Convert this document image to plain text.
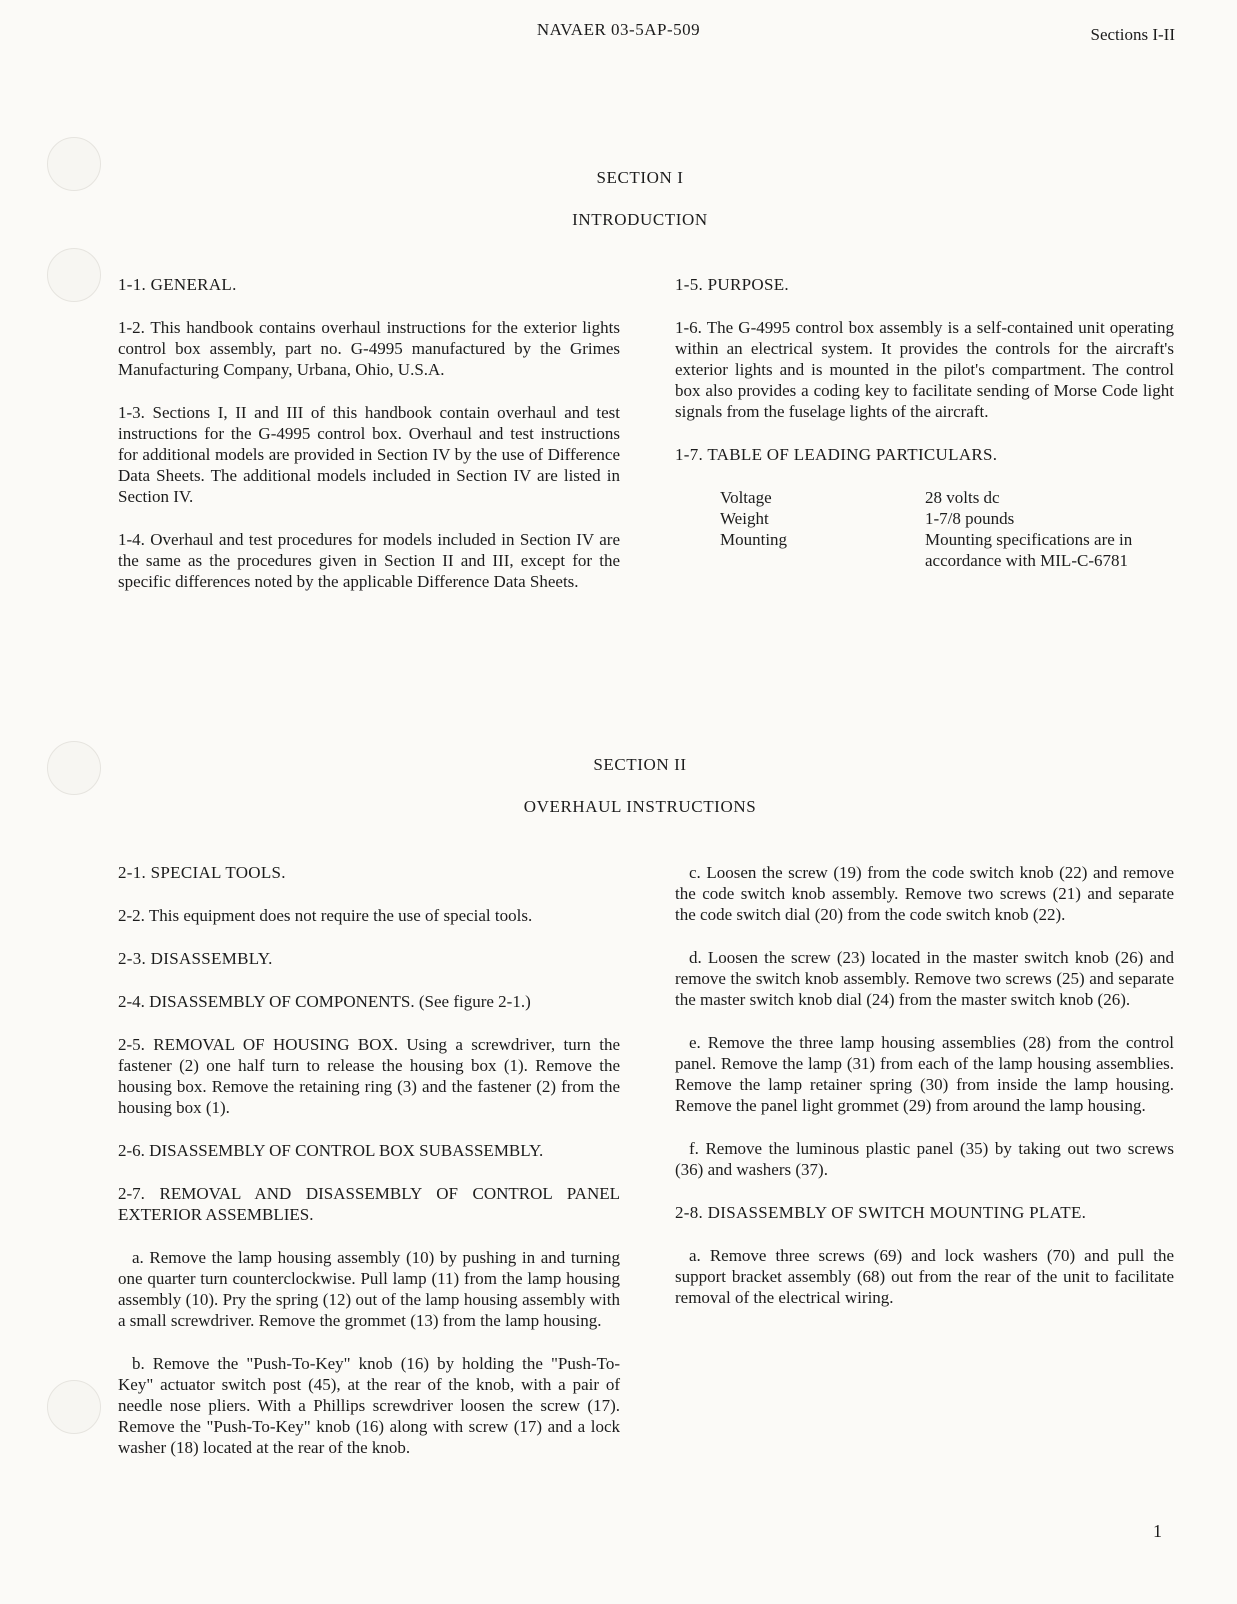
NAVAER 03-5AP-509	Sections I-II
SECTION I
INTRODUCTION

1-1. GENERAL.

1-2. This handbook contains overhaul instructions for the exterior lights control box assembly, part no. G-4995 manufactured by the Grimes Manufacturing Company, Urbana, Ohio, U.S.A.

1-3. Sections I, II and III of this handbook contain overhaul and test instructions for the G-4995 control box. Overhaul and test instructions for additional models are provided in Section IV by the use of Difference Data Sheets. The additional models included in Section IV are listed in Section IV.

1-4. Overhaul and test procedures for models included in Section IV are the same as the procedures given in Section II and III, except for the specific differences noted by the applicable Difference Data Sheets.

1-5. PURPOSE.

1-6. The G-4995 control box assembly is a self-contained unit operating within an electrical system. It provides the controls for the aircraft's exterior lights and is mounted in the pilot's compartment. The control box also provides a coding key to facilitate sending of Morse Code light signals from the fuselage lights of the aircraft.

1-7. TABLE OF LEADING PARTICULARS.

Voltage	28 volts dc
Weight	1-7/8 pounds
Mounting	Mounting specifications are in accordance with MIL-C-6781
SECTION II
OVERHAUL INSTRUCTIONS

2-1. SPECIAL TOOLS.

2-2. This equipment does not require the use of special tools.

2-3. DISASSEMBLY.

2-4. DISASSEMBLY OF COMPONENTS. (See figure 2-1.)

2-5. REMOVAL OF HOUSING BOX. Using a screwdriver, turn the fastener (2) one half turn to release the housing box (1). Remove the housing box. Remove the retaining ring (3) and the fastener (2) from the housing box (1).

2-6. DISASSEMBLY OF CONTROL BOX SUBASSEMBLY.

2-7. REMOVAL AND DISASSEMBLY OF CONTROL PANEL EXTERIOR ASSEMBLIES.

a. Remove the lamp housing assembly (10) by pushing in and turning one quarter turn counterclockwise. Pull lamp (11) from the lamp housing assembly (10). Pry the spring (12) out of the lamp housing assembly with a small screwdriver. Remove the grommet (13) from the lamp housing.

b. Remove the "Push-To-Key" knob (16) by holding the "Push-To-Key" actuator switch post (45), at the rear of the knob, with a pair of needle nose pliers. With a Phillips screwdriver loosen the screw (17). Remove the "Push-To-Key" knob (16) along with screw (17) and a lock washer (18) located at the rear of the knob.

c. Loosen the screw (19) from the code switch knob (22) and remove the code switch knob assembly. Remove two screws (21) and separate the code switch dial (20) from the code switch knob (22).

d. Loosen the screw (23) located in the master switch knob (26) and remove the switch knob assembly. Remove two screws (25) and separate the master switch knob dial (24) from the master switch knob (26).

e. Remove the three lamp housing assemblies (28) from the control panel. Remove the lamp (31) from each of the lamp housing assemblies. Remove the lamp retainer spring (30) from inside the lamp housing. Remove the panel light grommet (29) from around the lamp housing.

f. Remove the luminous plastic panel (35) by taking out two screws (36) and washers (37).

2-8. DISASSEMBLY OF SWITCH MOUNTING PLATE.

a. Remove three screws (69) and lock washers (70) and pull the support bracket assembly (68) out from the rear of the unit to facilitate removal of the electrical wiring.

1
